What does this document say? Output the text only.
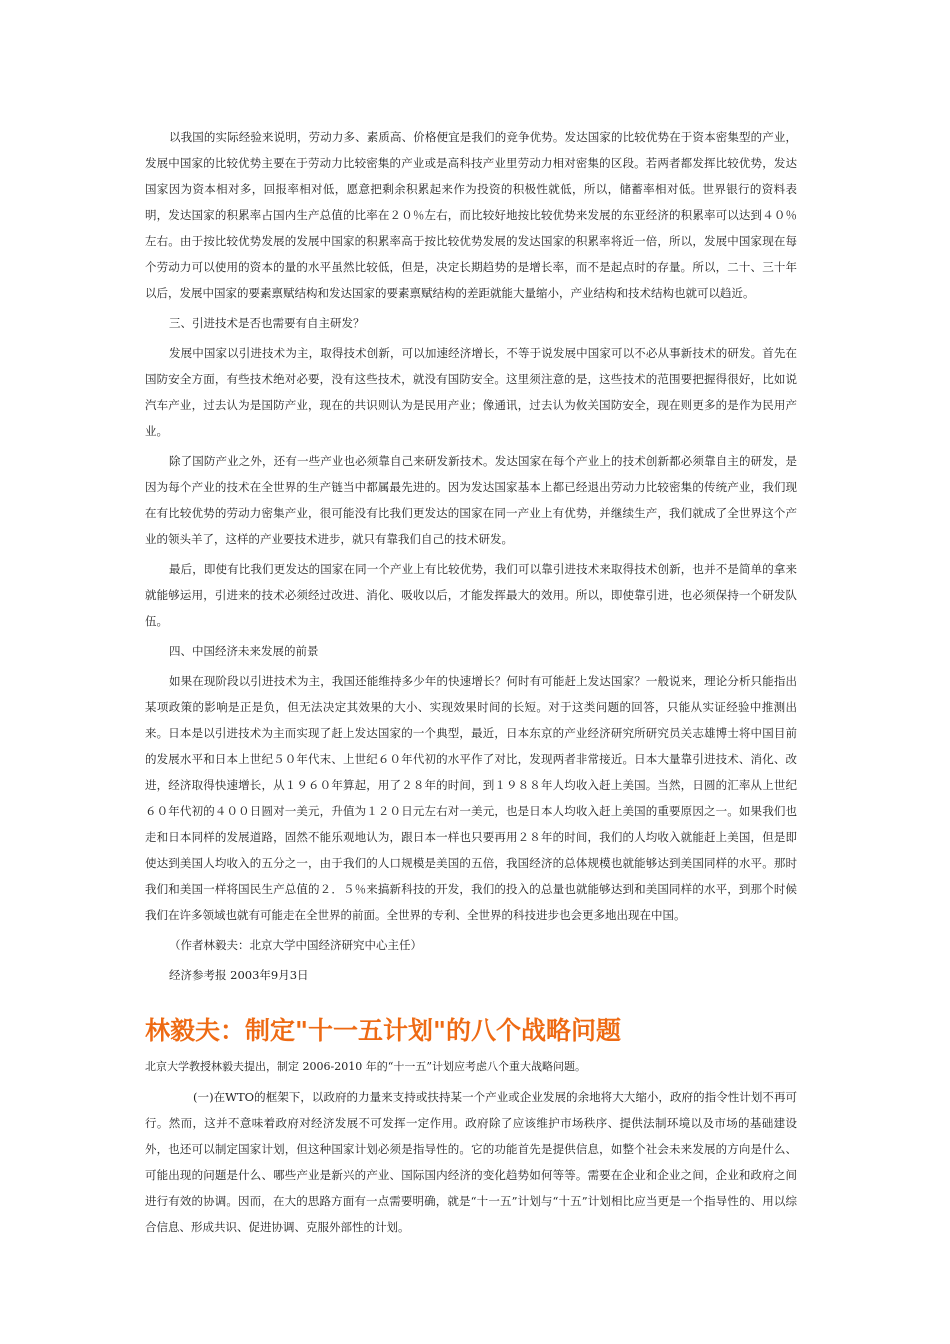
以我国的实际经验来说明，劳动力多、素质高、价格便宜是我们的竞争优势。发达国家的比较优势在于资本密集型的产业，发展中国家的比较优势主要在于劳动力比较密集的产业或是高科技产业里劳动力相对密集的区段。若两者都发挥比较优势，发达国家因为资本相对多，回报率相对低，愿意把剩余积累起来作为投资的积极性就低，所以，储蓄率相对低。世界银行的资料表明，发达国家的积累率占国内生产总值的比率在２０％左右，而比较好地按比较优势来发展的东亚经济的积累率可以达到４０％左右。由于按比较优势发展的发展中国家的积累率高于按比较优势发展的发达国家的积累率将近一倍，所以，发展中国家现在每个劳动力可以使用的资本的量的水平虽然比较低，但是，决定长期趋势的是增长率，而不是起点时的存量。所以，二十、三十年以后，发展中国家的要素禀赋结构和发达国家的要素禀赋结构的差距就能大量缩小，产业结构和技术结构也就可以趋近。

三、引进技术是否也需要有自主研发？

发展中国家以引进技术为主，取得技术创新，可以加速经济增长，不等于说发展中国家可以不必从事新技术的研发。首先在国防安全方面，有些技术绝对必要，没有这些技术，就没有国防安全。这里须注意的是，这些技术的范围要把握得很好，比如说汽车产业，过去认为是国防产业，现在的共识则认为是民用产业；像通讯，过去认为攸关国防安全，现在则更多的是作为民用产业。

除了国防产业之外，还有一些产业也必须靠自己来研发新技术。发达国家在每个产业上的技术创新都必须靠自主的研发，是因为每个产业的技术在全世界的生产链当中都属最先进的。因为发达国家基本上都已经退出劳动力比较密集的传统产业，我们现在有比较优势的劳动力密集产业，很可能没有比我们更发达的国家在同一产业上有优势，并继续生产，我们就成了全世界这个产业的领头羊了，这样的产业要技术进步，就只有靠我们自己的技术研发。

最后，即使有比我们更发达的国家在同一个产业上有比较优势，我们可以靠引进技术来取得技术创新，也并不是简单的拿来就能够运用，引进来的技术必须经过改进、消化、吸收以后，才能发挥最大的效用。所以，即使靠引进，也必须保持一个研发队伍。

四、中国经济未来发展的前景

如果在现阶段以引进技术为主，我国还能维持多少年的快速增长？何时有可能赶上发达国家？一般说来，理论分析只能指出某项政策的影响是正是负，但无法决定其效果的大小、实现效果时间的长短。对于这类问题的回答，只能从实证经验中推测出来。日本是以引进技术为主而实现了赶上发达国家的一个典型，最近，日本东京的产业经济研究所研究员关志雄博士将中国目前的发展水平和日本上世纪５０年代末、上世纪６０年代初的水平作了对比，发现两者非常接近。日本大量靠引进技术、消化、改进，经济取得快速增长，从１９６０年算起，用了２８年的时间，到１９８８年人均收入赶上美国。当然，日圆的汇率从上世纪６０年代初的４００日圆对一美元，升值为１２０日元左右对一美元，也是日本人均收入赶上美国的重要原因之一。如果我们也走和日本同样的发展道路，固然不能乐观地认为，跟日本一样也只要再用２８年的时间，我们的人均收入就能赶上美国，但是即使达到美国人均收入的五分之一，由于我们的人口规模是美国的五倍，我国经济的总体规模也就能够达到美国同样的水平。那时我们和美国一样将国民生产总值的２．５％来搞新科技的开发，我们的投入的总量也就能够达到和美国同样的水平，到那个时候我们在许多领域也就有可能走在全世界的前面。全世界的专利、全世界的科技进步也会更多地出现在中国。

（作者林毅夫：北京大学中国经济研究中心主任）

经济参考报 2003年9月3日

林毅夫：制定"十一五计划"的八个战略问题

北京大学教授林毅夫提出，制定 2006-2010 年的“十一五”计划应考虑八个重大战略问题。

(一)在WTO的框架下，以政府的力量来支持或扶持某一个产业或企业发展的余地将大大缩小，政府的指令性计划不再可行。然而，这并不意味着政府对经济发展不可发挥一定作用。政府除了应该维护市场秩序、提供法制环境以及市场的基础建设外，也还可以制定国家计划，但这种国家计划必须是指导性的。它的功能首先是提供信息，如整个社会未来发展的方向是什么、可能出现的问题是什么、哪些产业是新兴的产业、国际国内经济的变化趋势如何等等。需要在企业和企业之间，企业和政府之间进行有效的协调。因而，在大的思路方面有一点需要明确，就是“十一五”计划与“十五”计划相比应当更是一个指导性的、用以综合信息、形成共识、促进协调、克服外部性的计划。
